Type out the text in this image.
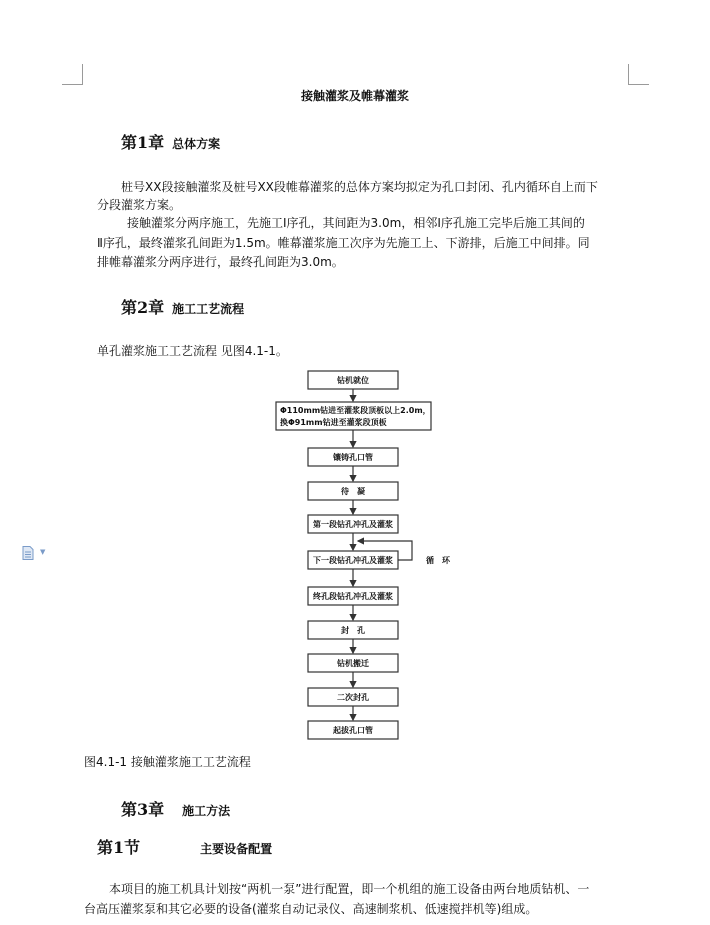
接触灌浆及帷幕灌浆
第1章 总体方案
桩号XX段接触灌浆及桩号XX段帷幕灌浆的总体方案均拟定为孔口封闭、孔内循环自上而下
分段灌浆方案。
接触灌浆分两序施工，先施工Ⅰ序孔，其间距为3.0m，相邻Ⅰ序孔施工完毕后施工其间的
Ⅱ序孔，最终灌浆孔间距为1.5m。帷幕灌浆施工次序为先施工上、下游排，后施工中间排。同
排帷幕灌浆分两序进行，最终孔间距为3.0m。
第2章 施工工艺流程
单孔灌浆施工工艺流程 见图4.1-1。
▼
钻机就位
Φ110mm钻进至灌浆段顶板以上2.0m，
换Φ91mm钻进至灌浆段顶板
镶铸孔口管
待　凝
第一段钻孔冲孔及灌浆
下一段钻孔冲孔及灌浆
终孔段钻孔冲孔及灌浆
封　孔
钻机搬迁
二次封孔
起拔孔口管
循　环
图4.1-1 接触灌浆施工工艺流程
第3章 施工方法
第1节	主要设备配置
本项目的施工机具计划按“两机一泵”进行配置，即一个机组的施工设备由两台地质钻机、一
台高压灌浆泵和其它必要的设备(灌浆自动记录仪、高速制浆机、低速搅拌机等)组成。
